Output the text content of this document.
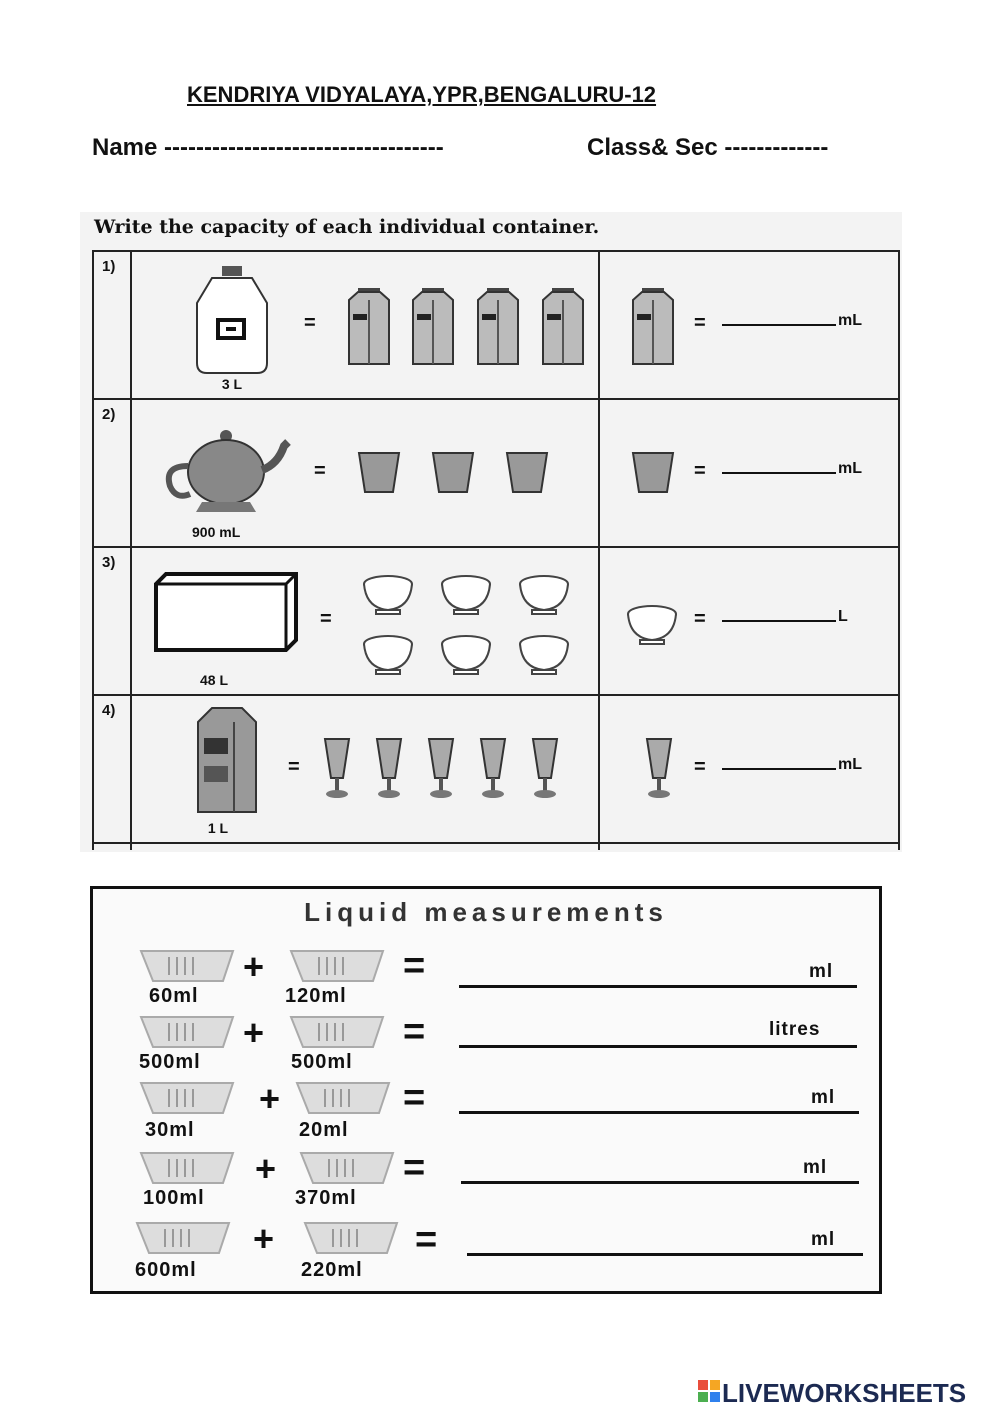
KENDRIYA VIDYALAYA,YPR,BENGALURU-12
Name -----------------------------------	Class& Sec -------------
Write the capacity of each individual container.
1)
3 L
=	=	mL
2)
900 mL
=	=	mL
3)
48 L
=	=	L
4)
1 L
=	=	mL
Liquid measurements
+	=
60ml	120ml
ml
+	=
500ml	500ml
litres
+	=
30ml	20ml
ml
+	=
100ml	370ml
ml
+	=
600ml	220ml
ml
LIVEWORKSHEETS
